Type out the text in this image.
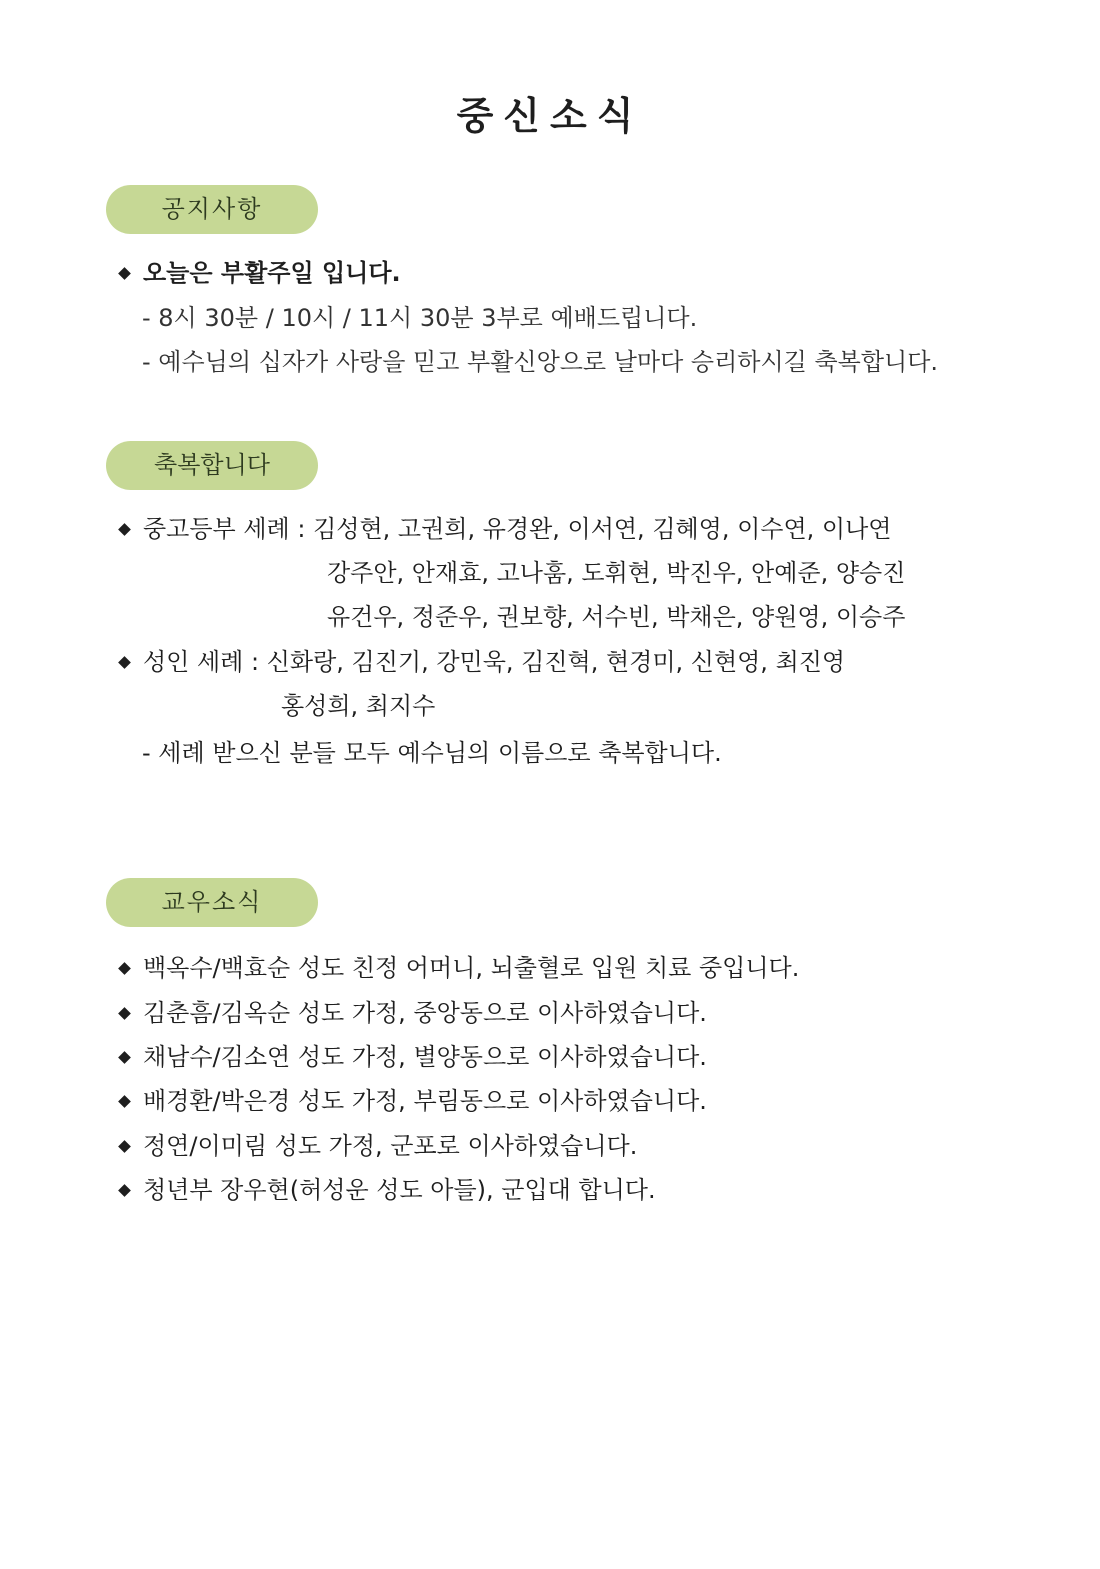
중신소식
공지사항
오늘은 부활주일 입니다.
- 8시 30분 / 10시 / 11시 30분 3부로 예배드립니다.
- 예수님의 십자가 사랑을 믿고 부활신앙으로 날마다 승리하시길 축복합니다.
축복합니다
중고등부 세례 : 김성현, 고권희, 유경완, 이서연, 김혜영, 이수연, 이나연
강주안, 안재효, 고나훔, 도휘현, 박진우, 안예준, 양승진
유건우, 정준우, 권보향, 서수빈, 박채은, 양원영, 이승주
성인 세례 : 신화랑, 김진기, 강민욱, 김진혁, 현경미, 신현영, 최진영
홍성희, 최지수
- 세례 받으신 분들 모두 예수님의 이름으로 축복합니다.
교우소식
백옥수/백효순 성도 친정 어머니, 뇌출혈로 입원 치료 중입니다.
김춘흠/김옥순 성도 가정, 중앙동으로 이사하였습니다.
채남수/김소연 성도 가정, 별양동으로 이사하였습니다.
배경환/박은경 성도 가정, 부림동으로 이사하였습니다.
정연/이미림 성도 가정, 군포로 이사하였습니다.
청년부 장우현(허성운 성도 아들), 군입대 합니다.
